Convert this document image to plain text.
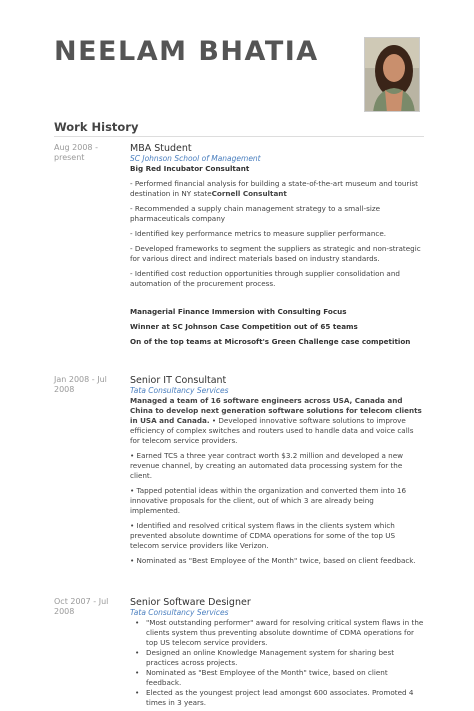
NEELAM BHATIA
Work History
Aug 2008 - present
MBA Student
SC Johnson School of Management
Big Red Incubator Consultant
- Performed financial analysis for building a state-of-the-art museum and tourist destination in NY stateCornell Consultant
- Recommended a supply chain management strategy to a small-size pharmaceuticals company
- Identified key performance metrics to measure supplier performance.
- Developed frameworks to segment the suppliers as strategic and non-strategic for various direct and indirect materials based on industry standards.
- Identified cost reduction opportunities through supplier consolidation and automation of the procurement process.
Managerial Finance Immersion with Consulting Focus
Winner at SC Johnson Case Competition out of 65 teams
On of the top teams at Microsoft's Green Challenge case competition
Jan 2008 - Jul 2008
Senior IT Consultant
Tata Consultancy Services
Managed a team of 16 software engineers across USA, Canada and China to develop next generation software solutions for telecom clients in USA and Canada. • Developed innovative software solutions to improve efficiency of complex switches and routers used to handle data and voice calls for telecom service providers.
• Earned TCS a three year contract worth $3.2 million and developed a new revenue channel, by creating an automated data processing system for the client.
• Tapped potential ideas within the organization and converted them into 16 innovative proposals for the client, out of which 3 are already being implemented.
• Identified and resolved critical system flaws in the clients system which prevented absolute downtime of CDMA operations for some of the top US telecom service providers like Verizon.
• Nominated as "Best Employee of the Month" twice, based on client feedback.
Oct 2007 - Jul 2008
Senior Software Designer
Tata Consultancy Services
• "Most outstanding performer" award for resolving critical system flaws in the clients system thus preventing absolute downtime of CDMA operations for top US telecom service providers.
• Designed an online Knowledge Management system for sharing best practices across projects.
• Nominated as "Best Employee of the Month" twice, based on client feedback.
• Elected as the youngest project lead amongst 600 associates. Promoted 4 times in 3 years.
